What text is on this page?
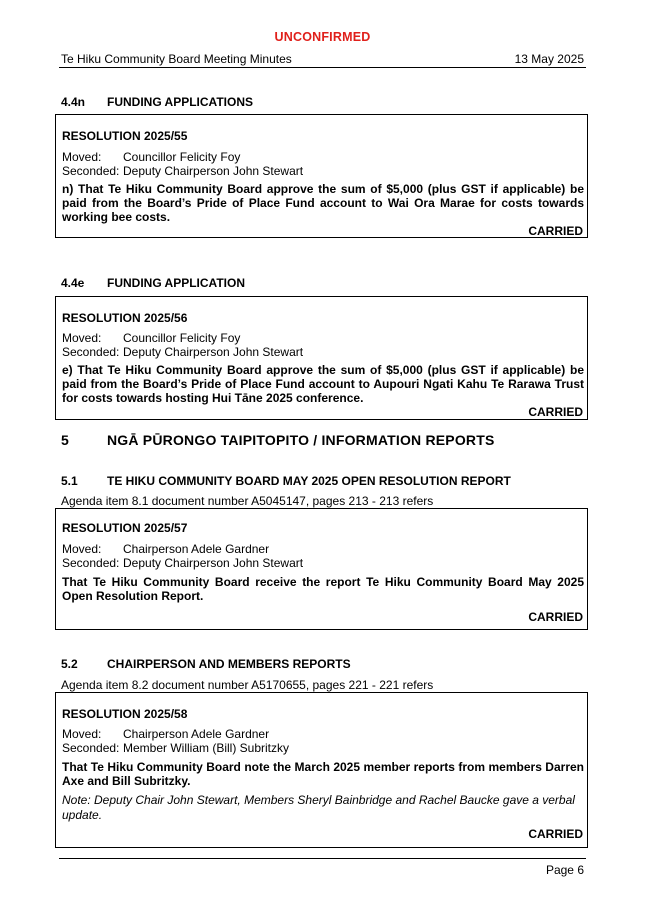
UNCONFIRMED
Te Hiku Community Board Meeting Minutes	13 May 2025
4.4n FUNDING APPLICATIONS
RESOLUTION 2025/55
Moved: Councillor Felicity Foy
Seconded: Deputy Chairperson John Stewart
n) That Te Hiku Community Board approve the sum of $5,000 (plus GST if applicable) be paid from the Board’s Pride of Place Fund account to Wai Ora Marae for costs towards working bee costs.
CARRIED
4.4e FUNDING APPLICATION
RESOLUTION 2025/56
Moved: Councillor Felicity Foy
Seconded: Deputy Chairperson John Stewart
e) That Te Hiku Community Board approve the sum of $5,000 (plus GST if applicable) be paid from the Board’s Pride of Place Fund account to Aupouri Ngati Kahu Te Rarawa Trust for costs towards hosting Hui Tāne 2025 conference.
CARRIED
5	NGĀ PŪRONGO TAIPITOPITO / INFORMATION REPORTS
5.1 TE HIKU COMMUNITY BOARD MAY 2025 OPEN RESOLUTION REPORT
Agenda item 8.1 document number A5045147, pages 213 - 213 refers
RESOLUTION 2025/57
Moved: Chairperson Adele Gardner
Seconded: Deputy Chairperson John Stewart
That Te Hiku Community Board receive the report Te Hiku Community Board May 2025 Open Resolution Report.
CARRIED
5.2 CHAIRPERSON AND MEMBERS REPORTS
Agenda item 8.2 document number A5170655, pages 221 - 221 refers
RESOLUTION 2025/58
Moved: Chairperson Adele Gardner
Seconded: Member William (Bill) Subritzky
That Te Hiku Community Board note the March 2025 member reports from members Darren Axe and Bill Subritzky.
Note: Deputy Chair John Stewart, Members Sheryl Bainbridge and Rachel Baucke gave a verbal update.
CARRIED
Page 6
